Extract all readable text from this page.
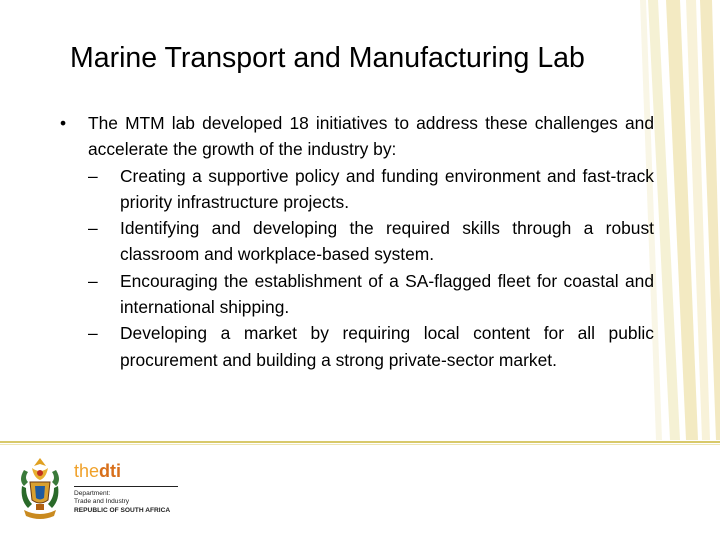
Marine Transport and Manufacturing Lab
•	The MTM lab developed 18 initiatives to address these challenges and accelerate the growth of the industry by:
–	Creating a supportive policy and funding environment and fast-track priority infrastructure projects.
–	Identifying and developing the required skills through a robust classroom and workplace-based system.
–	Encouraging the establishment of a SA-flagged fleet for coastal and international shipping.
–	Developing a market by requiring local content for all public procurement and building a strong private-sector market.
thedti
Department:
Trade and Industry
REPUBLIC OF SOUTH AFRICA
